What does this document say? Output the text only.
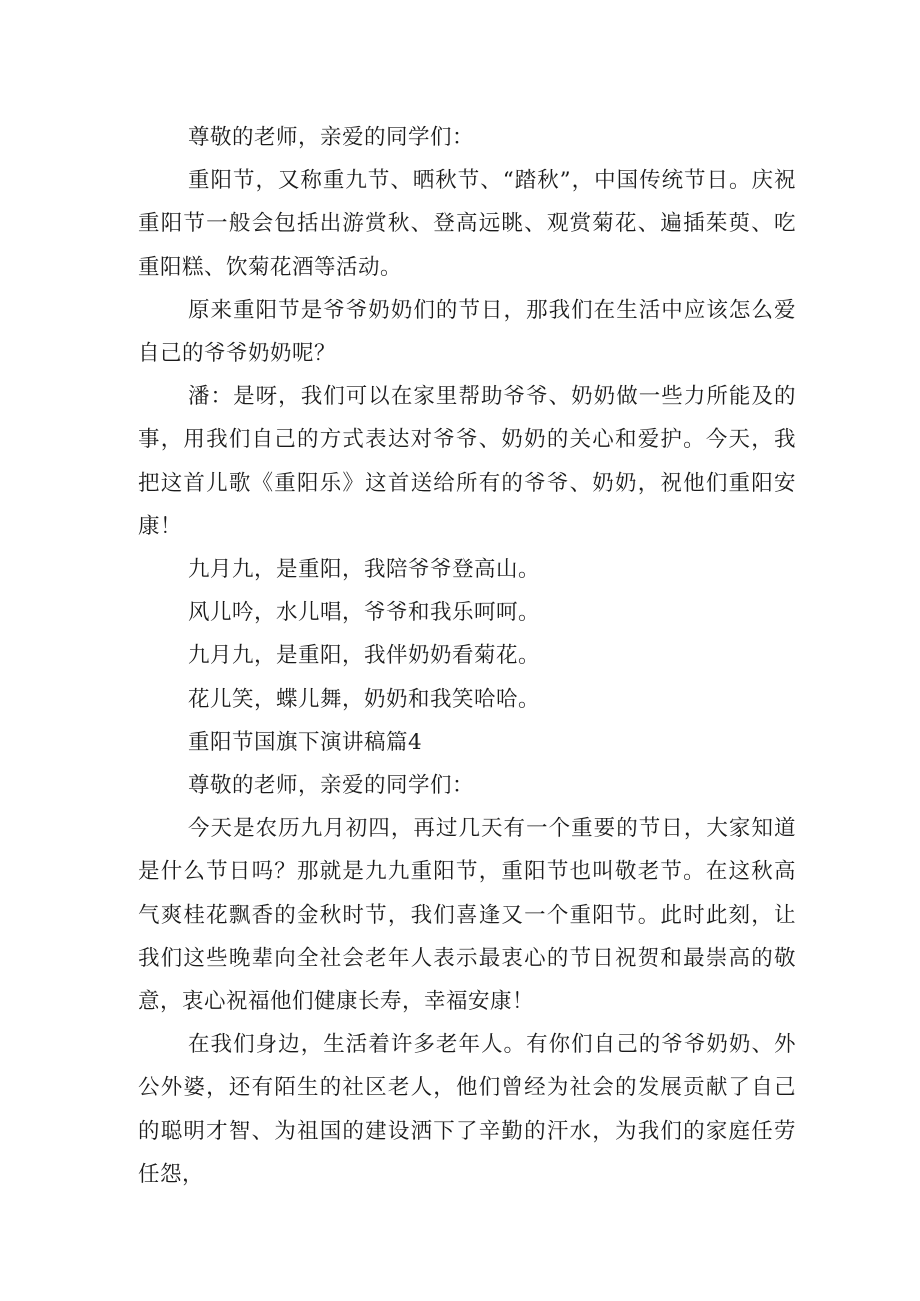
尊敬的老师，亲爱的同学们：

重阳节，又称重九节、晒秋节、“踏秋”，中国传统节日。庆祝重阳节一般会包括出游赏秋、登高远眺、观赏菊花、遍插茱萸、吃重阳糕、饮菊花酒等活动。

原来重阳节是爷爷奶奶们的节日，那我们在生活中应该怎么爱自己的爷爷奶奶呢？

潘：是呀，我们可以在家里帮助爷爷、奶奶做一些力所能及的事，用我们自己的方式表达对爷爷、奶奶的关心和爱护。今天，我把这首儿歌《重阳乐》这首送给所有的爷爷、奶奶，祝他们重阳安康！

九月九，是重阳，我陪爷爷登高山。

风儿吟，水儿唱，爷爷和我乐呵呵。

九月九，是重阳，我伴奶奶看菊花。

花儿笑，蝶儿舞，奶奶和我笑哈哈。

重阳节国旗下演讲稿篇4

尊敬的老师，亲爱的同学们：

今天是农历九月初四，再过几天有一个重要的节日，大家知道是什么节日吗？那就是九九重阳节，重阳节也叫敬老节。在这秋高气爽桂花飘香的金秋时节，我们喜逢又一个重阳节。此时此刻，让我们这些晚辈向全社会老年人表示最衷心的节日祝贺和最崇高的敬意，衷心祝福他们健康长寿，幸福安康！

在我们身边，生活着许多老年人。有你们自己的爷爷奶奶、外公外婆，还有陌生的社区老人，他们曾经为社会的发展贡献了自己的聪明才智、为祖国的建设洒下了辛勤的汗水，为我们的家庭任劳任怨，
